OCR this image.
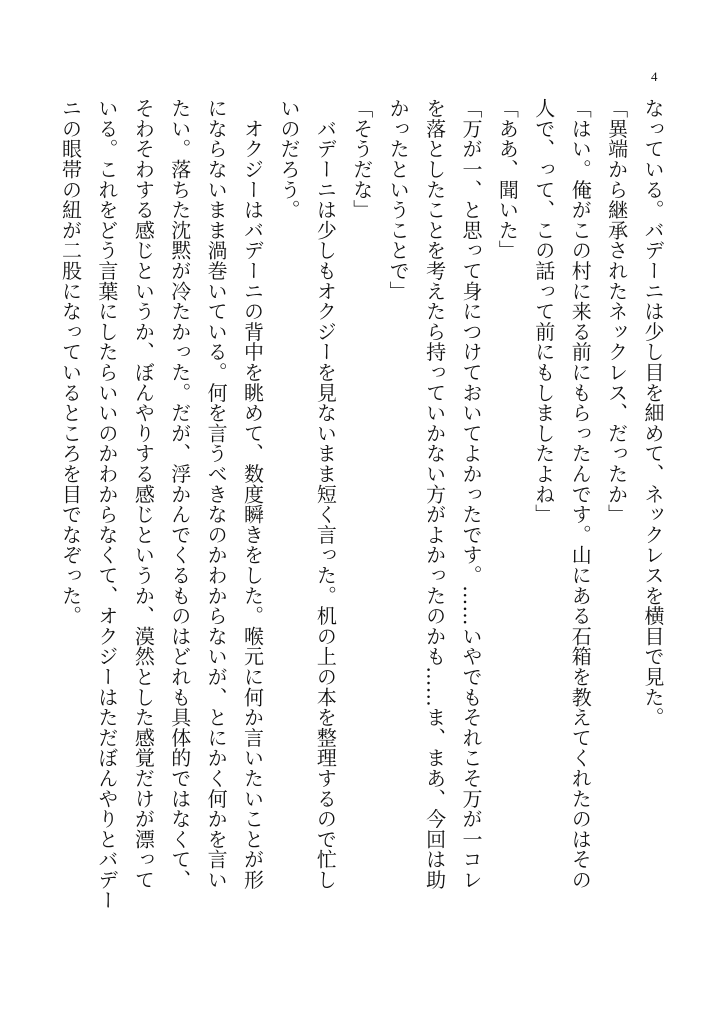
4
なっている。バデーニは少し目を細めて、ネックレスを横目で見た。
「異端から継承されたネックレス、だったか」
「はい。俺がこの村に来る前にもらったんです。山にある石箱を教えてくれたのはその
人で、って、この話って前にもしましたよね」
「ああ、聞いた」
「万が一、と思って身につけておいてよかったです。……いやでもそれこそ万が一コレ
を落としたことを考えたら持っていかない方がよかったのかも……ま、まあ、今回は助
かったということで」
「そうだな」
　バデーニは少しもオクジーを見ないまま短く言った。机の上の本を整理するので忙し
いのだろう。
　オクジーはバデーニの背中を眺めて、数度瞬きをした。喉元に何か言いたいことが形
にならないまま渦巻いている。何を言うべきなのかわからないが、とにかく何かを言い
たい。落ちた沈黙が冷たかった。だが、浮かんでくるものはどれも具体的ではなくて、
そわそわする感じというか、ぼんやりする感じというか、漠然とした感覚だけが漂って
いる。これをどう言葉にしたらいいのかわからなくて、オクジーはただぼんやりとバデー
ニの眼帯の紐が二股になっているところを目でなぞった。
